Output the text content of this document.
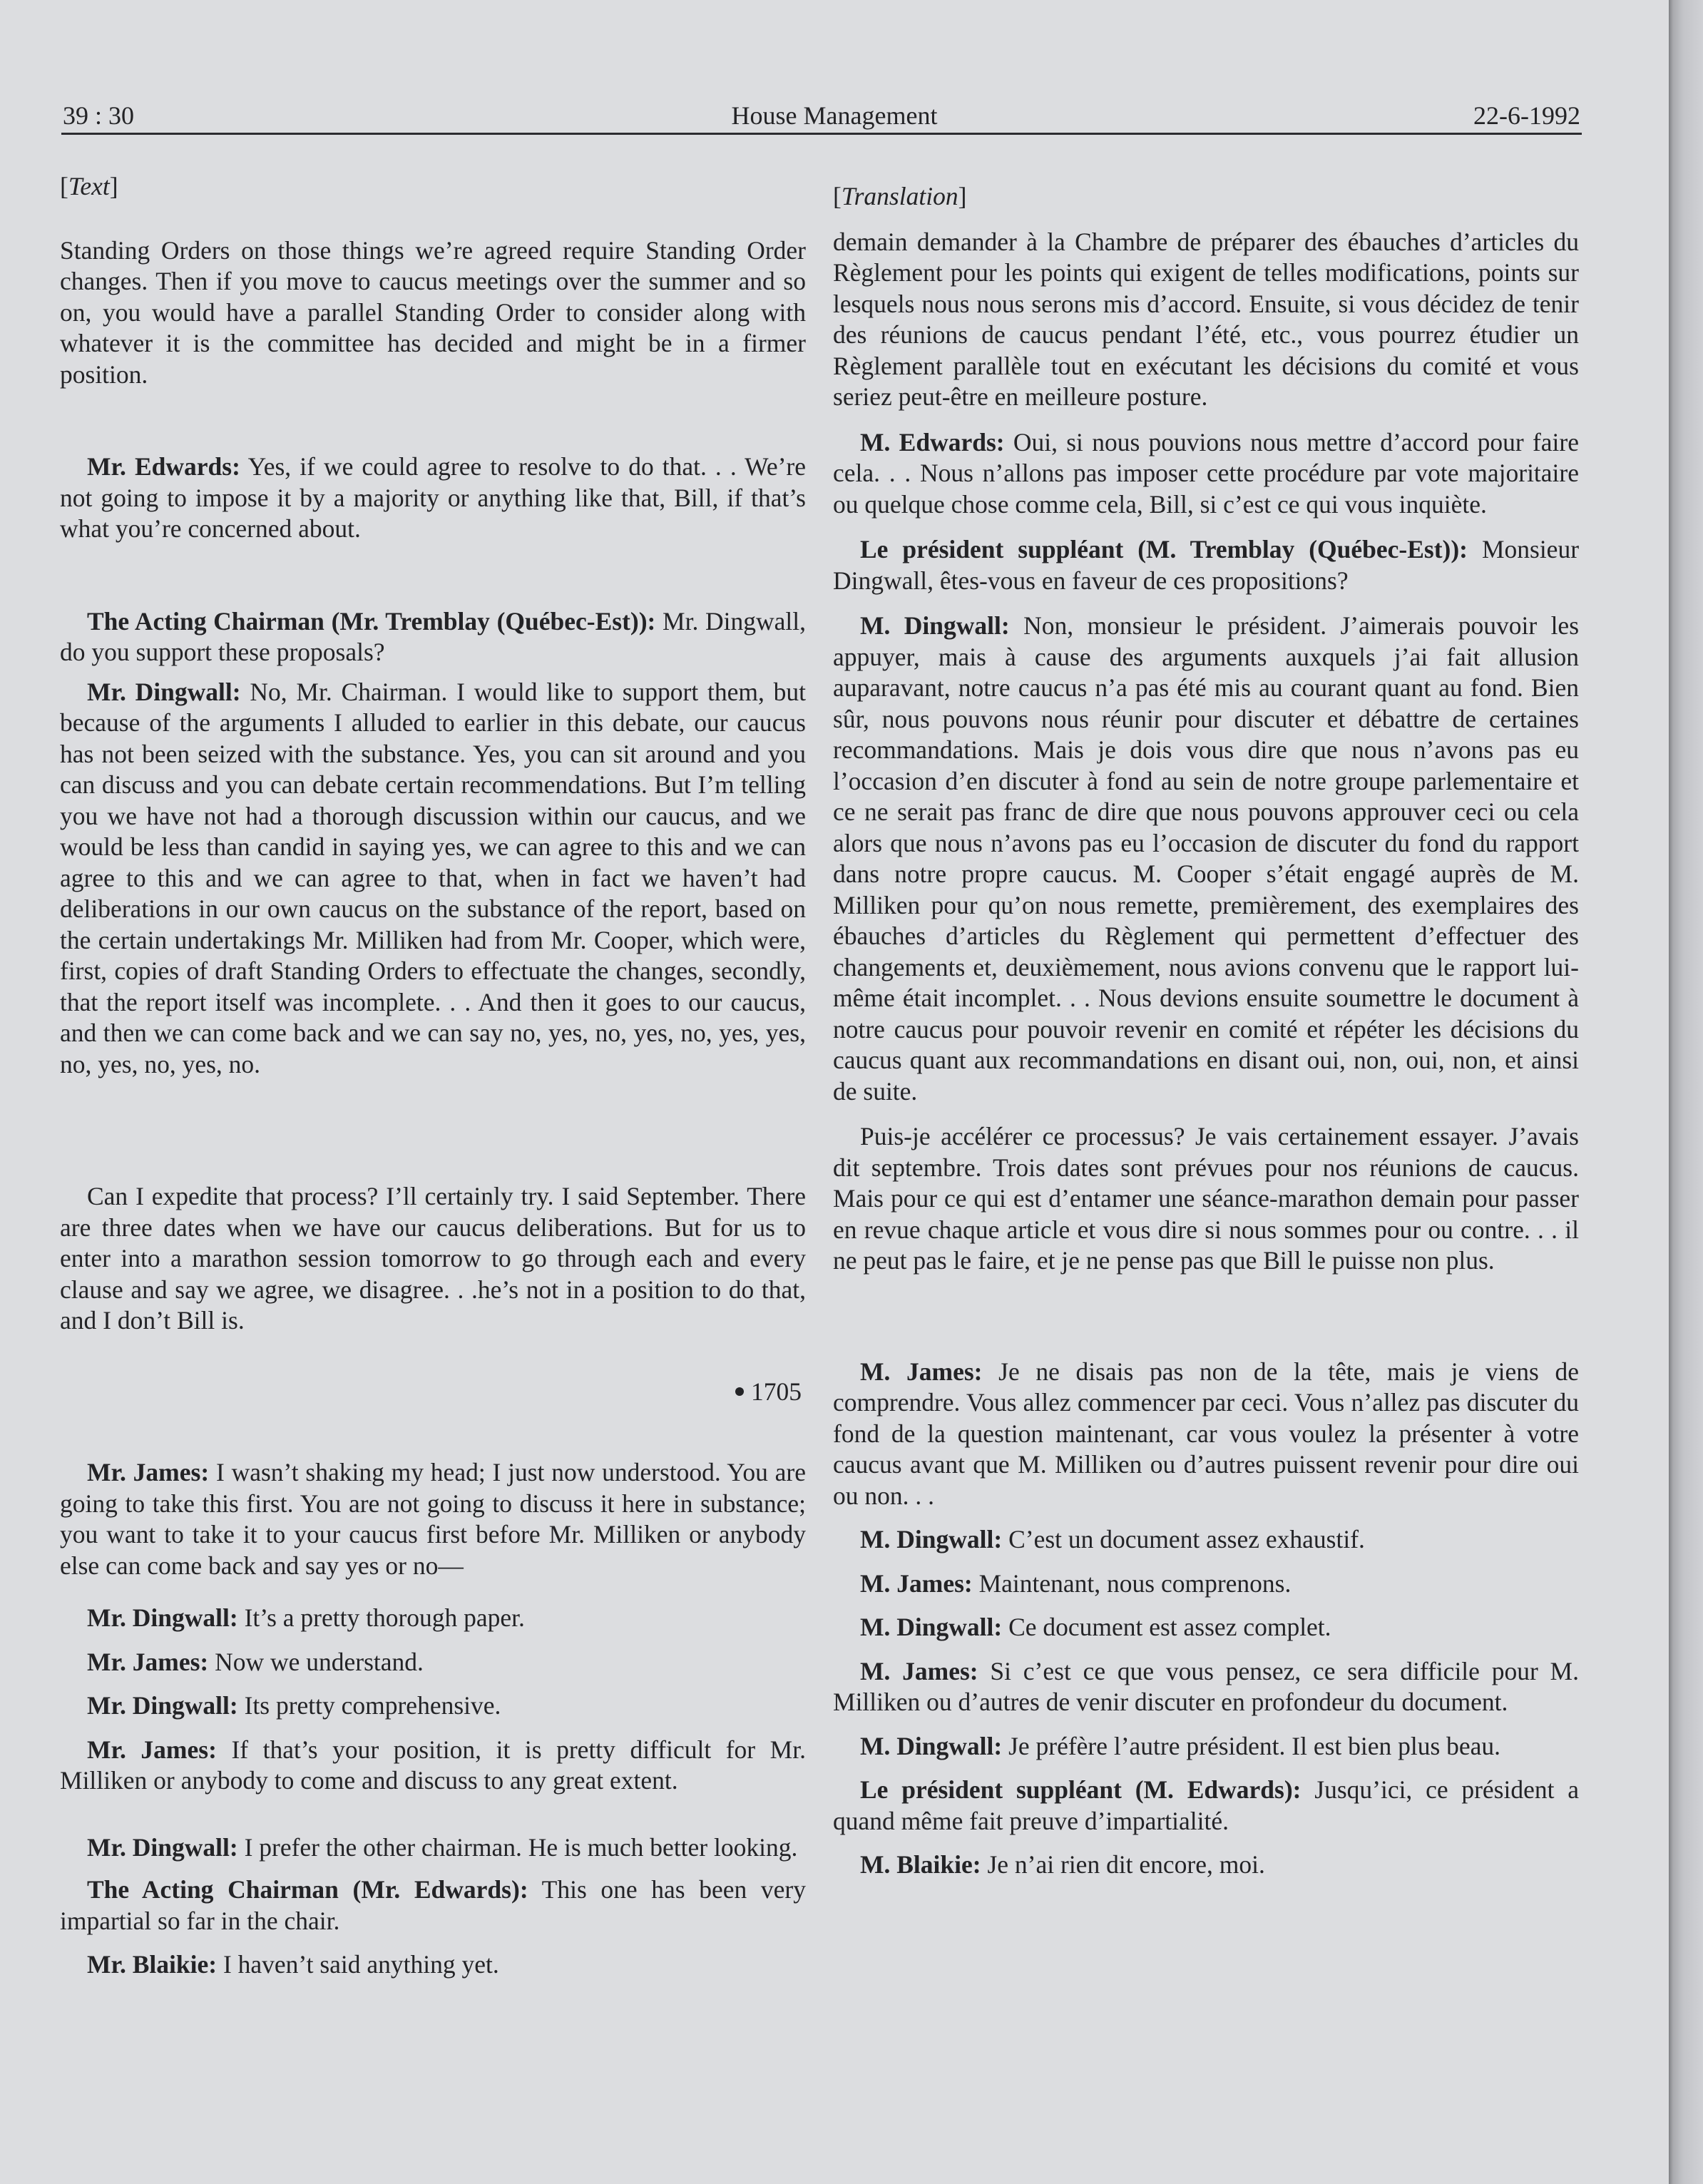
39 : 30	House Management	22-6-1992

[Text]

Standing Orders on those things we’re agreed require Standing Order changes. Then if you move to caucus meetings over the summer and so on, you would have a parallel Standing Order to consider along with whatever it is the committee has decided and might be in a firmer position.

Mr. Edwards: Yes, if we could agree to resolve to do that. . . We’re not going to impose it by a majority or anything like that, Bill, if that’s what you’re concerned about.

The Acting Chairman (Mr. Tremblay (Québec-Est)): Mr. Dingwall, do you support these proposals?

Mr. Dingwall: No, Mr. Chairman. I would like to support them, but because of the arguments I alluded to earlier in this debate, our caucus has not been seized with the substance. Yes, you can sit around and you can discuss and you can debate certain recommendations. But I’m telling you we have not had a thorough discussion within our caucus, and we would be less than candid in saying yes, we can agree to this and we can agree to this and we can agree to that, when in fact we haven’t had deliberations in our own caucus on the substance of the report, based on the certain undertakings Mr. Milliken had from Mr. Cooper, which were, first, copies of draft Standing Orders to effectuate the changes, secondly, that the report itself was incomplete. . . And then it goes to our caucus, and then we can come back and we can say no, yes, no, yes, no, yes, yes, no, yes, no, yes, no.

Can I expedite that process? I’ll certainly try. I said September. There are three dates when we have our caucus deliberations. But for us to enter into a marathon session tomorrow to go through each and every clause and say we agree, we disagree. . .he’s not in a position to do that, and I don’t Bill is.

1705

Mr. James: I wasn’t shaking my head; I just now understood. You are going to take this first. You are not going to discuss it here in substance; you want to take it to your caucus first before Mr. Milliken or anybody else can come back and say yes or no—

Mr. Dingwall: It’s a pretty thorough paper.

Mr. James: Now we understand.

Mr. Dingwall: Its pretty comprehensive.

Mr. James: If that’s your position, it is pretty difficult for Mr. Milliken or anybody to come and discuss to any great extent.

Mr. Dingwall: I prefer the other chairman. He is much better looking.

The Acting Chairman (Mr. Edwards): This one has been very impartial so far in the chair.

Mr. Blaikie: I haven’t said anything yet.

[Translation]

demain demander à la Chambre de préparer des ébauches d’articles du Règlement pour les points qui exigent de telles modifications, points sur lesquels nous nous serons mis d’accord. Ensuite, si vous décidez de tenir des réunions de caucus pendant l’été, etc., vous pourrez étudier un Règlement parallèle tout en exécutant les décisions du comité et vous seriez peut-être en meilleure posture.

M. Edwards: Oui, si nous pouvions nous mettre d’accord pour faire cela. . . Nous n’allons pas imposer cette procédure par vote majoritaire ou quelque chose comme cela, Bill, si c’est ce qui vous inquiète.

Le président suppléant (M. Tremblay (Québec-Est)): Monsieur Dingwall, êtes-vous en faveur de ces propositions?

M. Dingwall: Non, monsieur le président. J’aimerais pouvoir les appuyer, mais à cause des arguments auxquels j’ai fait allusion auparavant, notre caucus n’a pas été mis au courant quant au fond. Bien sûr, nous pouvons nous réunir pour discuter et débattre de certaines recommandations. Mais je dois vous dire que nous n’avons pas eu l’occasion d’en discuter à fond au sein de notre groupe parlementaire et ce ne serait pas franc de dire que nous pouvons approuver ceci ou cela alors que nous n’avons pas eu l’occasion de discuter du fond du rapport dans notre propre caucus. M. Cooper s’était engagé auprès de M. Milliken pour qu’on nous remette, premièrement, des exemplaires des ébauches d’articles du Règlement qui permettent d’effectuer des changements et, deuxièmement, nous avions convenu que le rapport lui-même était incomplet. . . Nous devions ensuite soumettre le document à notre caucus pour pouvoir revenir en comité et répéter les décisions du caucus quant aux recommandations en disant oui, non, oui, non, et ainsi de suite.

Puis-je accélérer ce processus? Je vais certainement essayer. J’avais dit septembre. Trois dates sont prévues pour nos réunions de caucus. Mais pour ce qui est d’entamer une séance-marathon demain pour passer en revue chaque article et vous dire si nous sommes pour ou contre. . . il ne peut pas le faire, et je ne pense pas que Bill le puisse non plus.

M. James: Je ne disais pas non de la tête, mais je viens de comprendre. Vous allez commencer par ceci. Vous n’allez pas discuter du fond de la question maintenant, car vous voulez la présenter à votre caucus avant que M. Milliken ou d’autres puissent revenir pour dire oui ou non. . .

M. Dingwall: C’est un document assez exhaustif.

M. James: Maintenant, nous comprenons.

M. Dingwall: Ce document est assez complet.

M. James: Si c’est ce que vous pensez, ce sera difficile pour M. Milliken ou d’autres de venir discuter en profondeur du document.

M. Dingwall: Je préfère l’autre président. Il est bien plus beau.

Le président suppléant (M. Edwards): Jusqu’ici, ce président a quand même fait preuve d’impartialité.

M. Blaikie: Je n’ai rien dit encore, moi.
